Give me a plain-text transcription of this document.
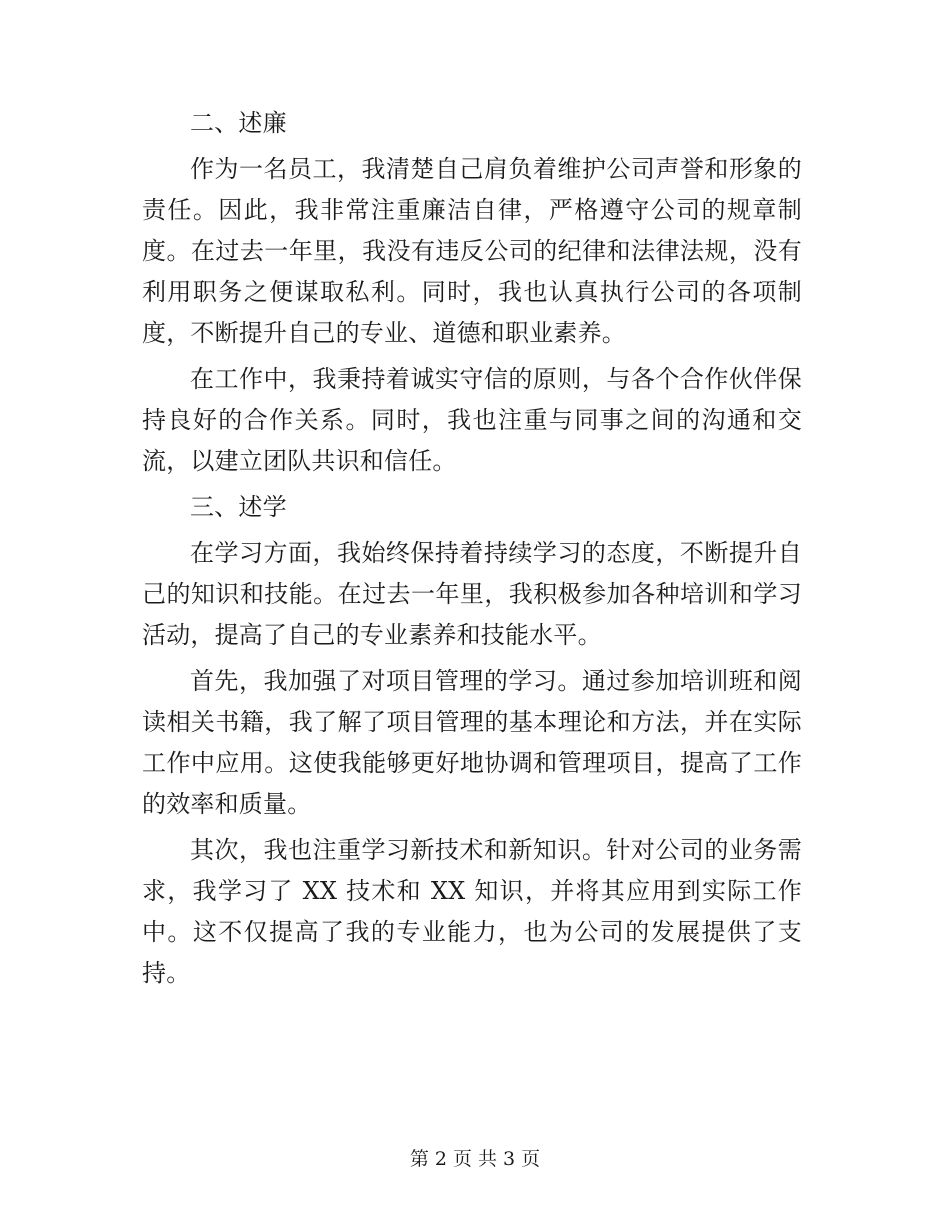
二、述廉

作为一名员工，我清楚自己肩负着维护公司声誉和形象的责任。因此，我非常注重廉洁自律，严格遵守公司的规章制度。在过去一年里，我没有违反公司的纪律和法律法规，没有利用职务之便谋取私利。同时，我也认真执行公司的各项制度，不断提升自己的专业、道德和职业素养。

在工作中，我秉持着诚实守信的原则，与各个合作伙伴保持良好的合作关系。同时，我也注重与同事之间的沟通和交流，以建立团队共识和信任。

三、述学

在学习方面，我始终保持着持续学习的态度，不断提升自己的知识和技能。在过去一年里，我积极参加各种培训和学习活动，提高了自己的专业素养和技能水平。

首先，我加强了对项目管理的学习。通过参加培训班和阅读相关书籍，我了解了项目管理的基本理论和方法，并在实际工作中应用。这使我能够更好地协调和管理项目，提高了工作的效率和质量。

其次，我也注重学习新技术和新知识。针对公司的业务需求，我学习了 XX 技术和 XX 知识，并将其应用到实际工作中。这不仅提高了我的专业能力，也为公司的发展提供了支持。

第 2 页 共 3 页
